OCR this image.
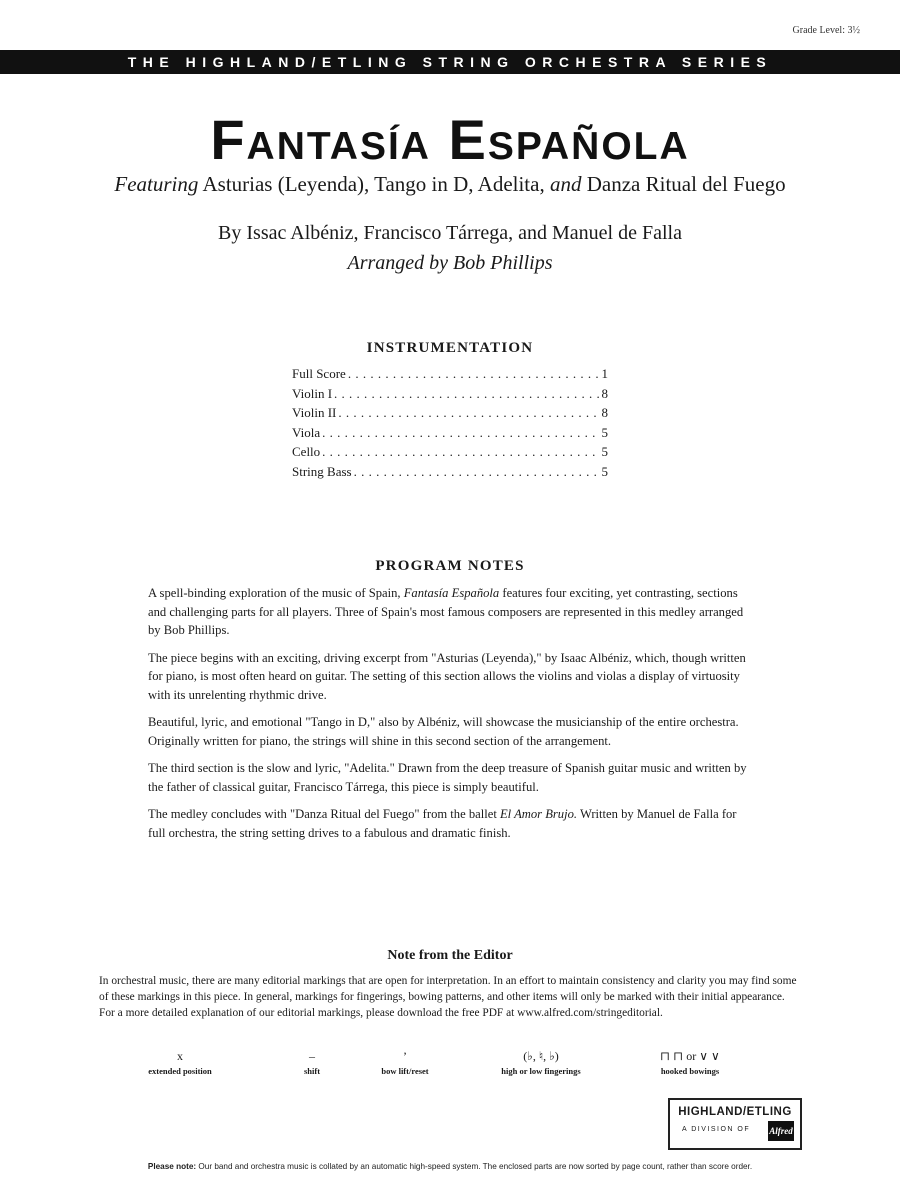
Grade Level: 3½
THE HIGHLAND/ETLING STRING ORCHESTRA SERIES
Fantasía Española
Featuring Asturias (Leyenda), Tango in D, Adelita, and Danza Ritual del Fuego
By Issac Albéniz, Francisco Tárrega, and Manuel de Falla
Arranged by Bob Phillips
INSTRUMENTATION
Full Score . . .	1
Violin I . . .	8
Violin II . . .	8
Viola . . .	5
Cello . . .	5
String Bass . . .	5
PROGRAM NOTES

A spell-binding exploration of the music of Spain, Fantasía Española features four exciting, yet contrasting, sections and challenging parts for all players. Three of Spain's most famous composers are represented in this medley arranged by Bob Phillips.

The piece begins with an exciting, driving excerpt from "Asturias (Leyenda)," by Isaac Albéniz, which, though written for piano, is most often heard on guitar. The setting of this section allows the violins and violas a display of virtuosity with its unrelenting rhythmic drive.

Beautiful, lyric, and emotional "Tango in D," also by Albéniz, will showcase the musicianship of the entire orchestra. Originally written for piano, the strings will shine in this second section of the arrangement.

The third section is the slow and lyric, "Adelita." Drawn from the deep treasure of Spanish guitar music and written by the father of classical guitar, Francisco Tárrega, this piece is simply beautiful.

The medley concludes with "Danza Ritual del Fuego" from the ballet El Amor Brujo. Written by Manuel de Falla for full orchestra, the string setting drives to a fabulous and dramatic finish.

Note from the Editor
In orchestral music, there are many editorial markings that are open for interpretation. In an effort to maintain consistency and clarity you may find some of these markings in this piece. In general, markings for fingerings, bowing patterns, and other items will only be marked with their initial appearance. For a more detailed explanation of our editorial markings, please download the free PDF at www.alfred.com/stringeditorial.
x
extended position
–
shift
’
bow lift/reset
(♭, ♮, ♭)
high or low fingerings
⊓ ⊓ or ∨ ∨
hooked bowings
HIGHLAND/ETLING
A DIVISION OF Alfred
Please note: Our band and orchestra music is collated by an automatic high-speed system. The enclosed parts are now sorted by page count, rather than score order.
